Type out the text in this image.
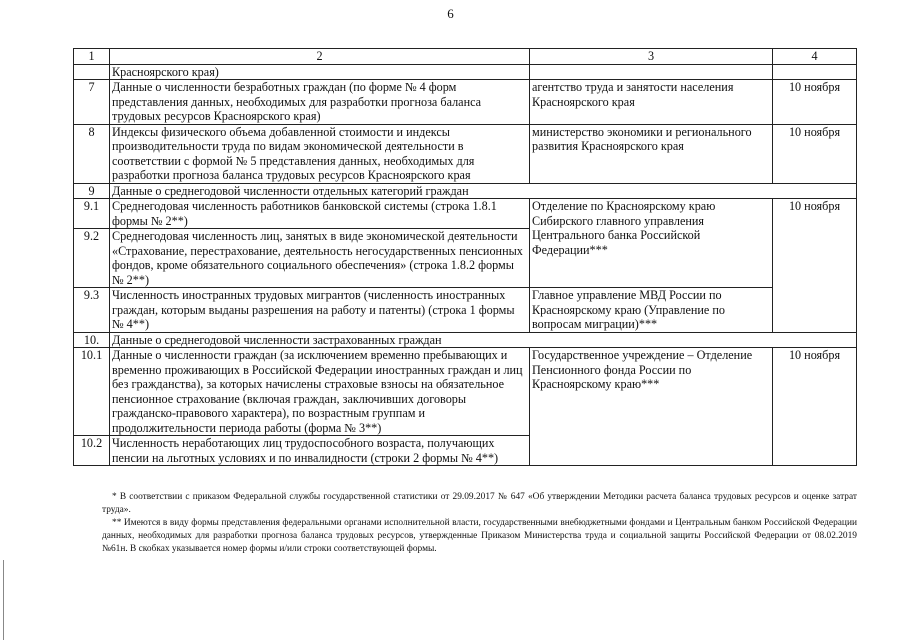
6
1	2	3	4
	Красноярского края)		
7	Данные о численности безработных граждан (по форме № 4 форм представления данных, необходимых для разработки прогноза баланса трудовых ресурсов Красноярского края)	агентство труда и занятости населения Красноярского края	10 ноября
8	Индексы физического объема добавленной стоимости и индексы производительности труда по видам экономической деятельности в соответствии с формой № 5 представления данных, необходимых для разработки прогноза баланса трудовых ресурсов Красноярского края	министерство экономики и регионального развития Красноярского края	10 ноября
9	Данные о среднегодовой численности отдельных категорий граждан		
9.1	Среднегодовая численность работников банковской системы (строка 1.8.1 формы № 2**)	Отделение по Красноярскому краю Сибирского главного управления Центрального банка Российской Федерации***	10 ноября
9.2	Среднегодовая численность лиц, занятых в виде экономической деятельности «Страхование, перестрахование, деятельность негосударственных пенсионных фондов, кроме обязательного социального обеспечения» (строка 1.8.2 формы № 2**)		
9.3	Численность иностранных трудовых мигрантов (численность иностранных граждан, которым выданы разрешения на работу и патенты) (строка 1 формы № 4**)	Главное управление МВД России по Красноярскому краю (Управление по вопросам миграции)***	
10.	Данные о среднегодовой численности застрахованных граждан		
10.1	Данные о численности граждан (за исключением временно пребывающих и временно проживающих в Российской Федерации иностранных граждан и лиц без гражданства), за которых начислены страховые взносы на обязательное пенсионное страхование (включая граждан, заключивших договоры гражданско-правового характера), по возрастным группам и продолжительности периода работы (форма № 3**)	Государственное учреждение – Отделение Пенсионного фонда России по Красноярскому краю***	10 ноября
10.2	Численность неработающих лиц трудоспособного возраста, получающих пенсии на льготных условиях и по инвалидности (строки 2 формы № 4**)		

* В соответствии с приказом Федеральной службы государственной статистики от 29.09.2017 № 647 «Об утверждении Методики расчета баланса трудовых ресурсов и оценке затрат труда».

** Имеются в виду формы представления федеральными органами исполнительной власти, государственными внебюджетными фондами и Центральным банком Российской Федерации данных, необходимых для разработки прогноза баланса трудовых ресурсов, утвержденные Приказом Министерства труда и социальной защиты Российской Федерации от 08.02.2019 №61н. В скобках указывается номер формы и/или строки соответствующей формы.
